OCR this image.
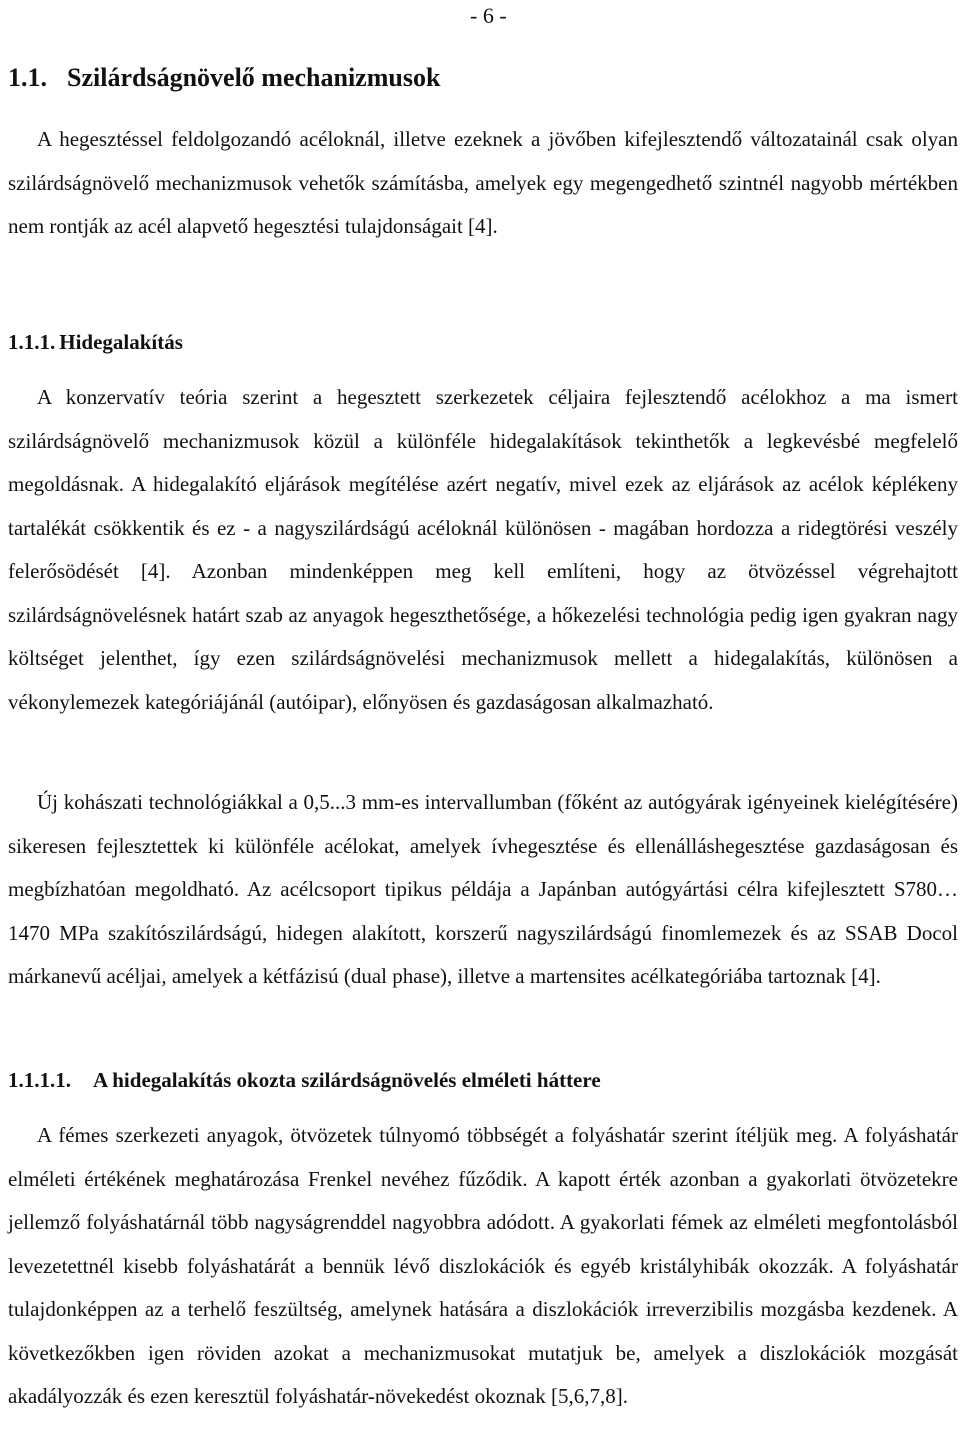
- 6 -
1.1. Szilárdságnövelő mechanizmusok

A hegesztéssel feldolgozandó acéloknál, illetve ezeknek a jövőben kifejlesztendő változatainál csak olyan szilárdságnövelő mechanizmusok vehetők számításba, amelyek egy megengedhető szintnél nagyobb mértékben nem rontják az acél alapvető hegesztési tulajdonságait [4].

1.1.1. Hidegalakítás

A konzervatív teória szerint a hegesztett szerkezetek céljaira fejlesztendő acélokhoz a ma ismert szilárdságnövelő mechanizmusok közül a különféle hidegalakítások tekinthetők a legkevésbé megfelelő megoldásnak. A hidegalakító eljárások megítélése azért negatív, mivel ezek az eljárások az acélok képlékeny tartalékát csökkentik és ez - a nagyszilárdságú acéloknál különösen - magában hordozza a ridegtörési veszély felerősödését [4]. Azonban mindenképpen meg kell említeni, hogy az ötvözéssel végrehajtott szilárdságnövelésnek határt szab az anyagok hegeszthetősége, a hőkezelési technológia pedig igen gyakran nagy költséget jelenthet, így ezen szilárdságnövelési mechanizmusok mellett a hidegalakítás, különösen a vékonylemezek kategóriájánál (autóipar), előnyösen és gazdaságosan alkalmazható.

Új kohászati technológiákkal a 0,5...3 mm-es intervallumban (főként az autógyárak igényeinek kielégítésére) sikeresen fejlesztettek ki különféle acélokat, amelyek ívhegesztése és ellenálláshegesztése gazdaságosan és megbízhatóan megoldható. Az acélcsoport tipikus példája a Japánban autógyártási célra kifejlesztett S780…1470 MPa szakítószilárdságú, hidegen alakított, korszerű nagyszilárdságú finomlemezek és az SSAB Docol márkanevű acéljai, amelyek a kétfázisú (dual phase), illetve a martensites acélkategóriába tartoznak [4].

1.1.1.1. A hidegalakítás okozta szilárdságnövelés elméleti háttere

A fémes szerkezeti anyagok, ötvözetek túlnyomó többségét a folyáshatár szerint ítéljük meg. A folyáshatár elméleti értékének meghatározása Frenkel nevéhez fűződik. A kapott érték azonban a gyakorlati ötvözetekre jellemző folyáshatárnál több nagyságrenddel nagyobbra adódott. A gyakorlati fémek az elméleti megfontolásból levezetettnél kisebb folyáshatárát a bennük lévő diszlokációk és egyéb kristályhibák okozzák. A folyáshatár tulajdonképpen az a terhelő feszültség, amelynek hatására a diszlokációk irreverzibilis mozgásba kezdenek. A következőkben igen röviden azokat a mechanizmusokat mutatjuk be, amelyek a diszlokációk mozgását akadályozzák és ezen keresztül folyáshatár-növekedést okoznak [5,6,7,8].
